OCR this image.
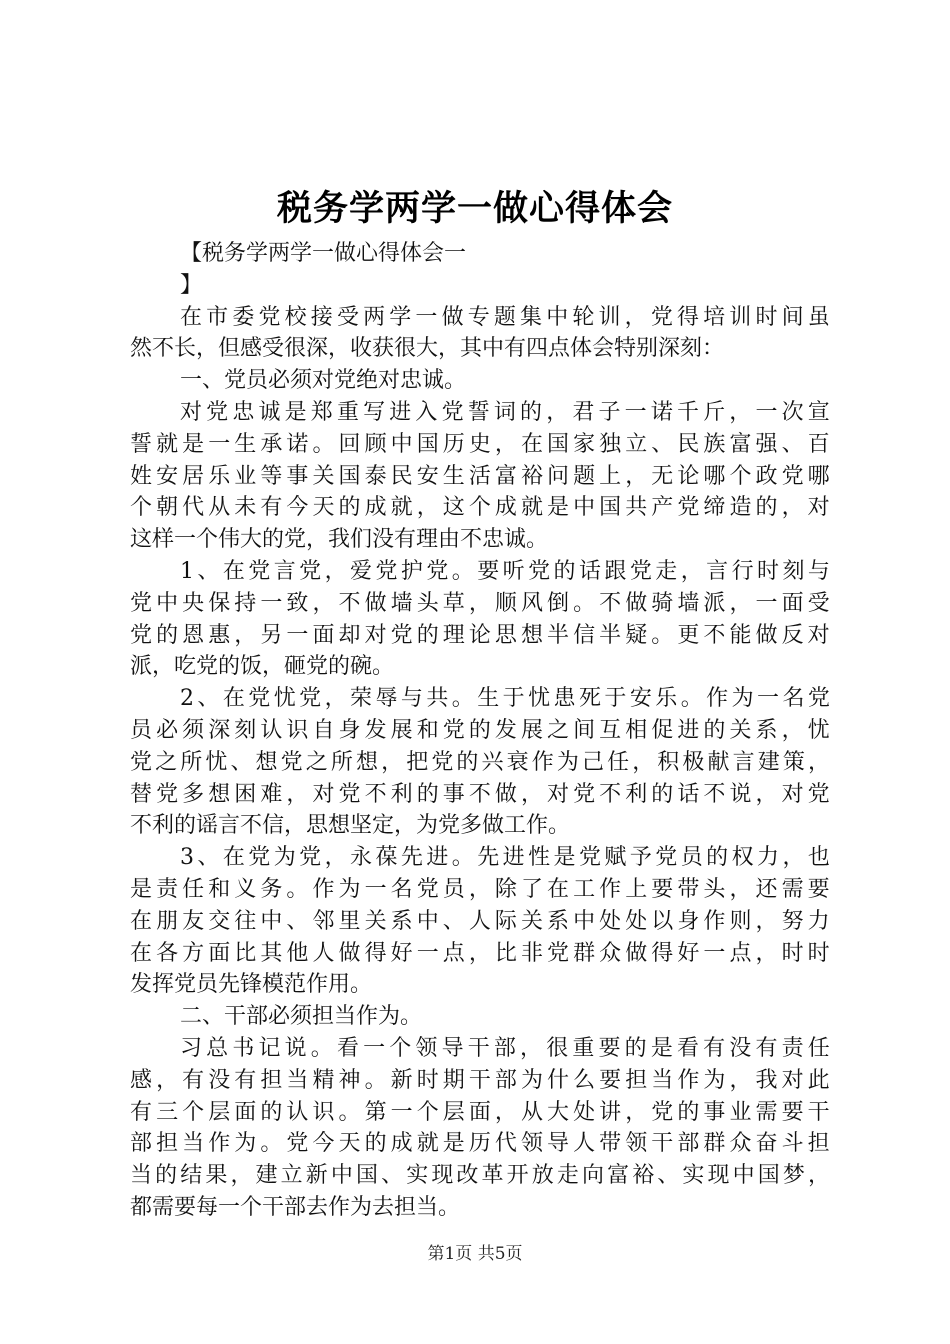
税务学两学一做心得体会
【税务学两学一做心得体会一
】
在 市 委 党 校 接 受 两 学 一 做 专 题 集 中 轮 训 ， 党 得 培 训 时 间 虽
然不长，但感受很深，收获很大，其中有四点体会特别深刻：
一、党员必须对党绝对忠诚。
对 党 忠 诚 是 郑 重 写 进 入 党 誓 词 的 ， 君 子 一 诺 千 斤 ， 一 次 宣
誓 就 是 一 生 承 诺 。 回 顾 中 国 历 史 ， 在 国 家 独 立 、 民 族 富 强 、 百
姓 安 居 乐 业 等 事 关 国 泰 民 安 生 活 富 裕 问 题 上 ， 无 论 哪 个 政 党 哪
个 朝 代 从 未 有 今 天 的 成 就 ， 这 个 成 就 是 中 国 共 产 党 缔 造 的 ， 对
这样一个伟大的党，我们没有理由不忠诚。
1 、 在 党 言 党 ， 爱 党 护 党 。 要 听 党 的 话 跟 党 走 ， 言 行 时 刻 与
党 中 央 保 持 一 致 ， 不 做 墙 头 草 ， 顺 风 倒 。 不 做 骑 墙 派 ， 一 面 受
党 的 恩 惠 ， 另 一 面 却 对 党 的 理 论 思 想 半 信 半 疑 。 更 不 能 做 反 对
派，吃党的饭，砸党的碗。
2 、 在 党 忧 党 ， 荣 辱 与 共 。 生 于 忧 患 死 于 安 乐 。 作 为 一 名 党
员 必 须 深 刻 认 识 自 身 发 展 和 党 的 发 展 之 间 互 相 促 进 的 关 系 ， 忧
党 之 所 忧 、 想 党 之 所 想 ， 把 党 的 兴 衰 作 为 己 任 ， 积 极 献 言 建 策 ，
替 党 多 想 困 难 ， 对 党 不 利 的 事 不 做 ， 对 党 不 利 的 话 不 说 ， 对 党
不利的谣言不信，思想坚定，为党多做工作。
3 、 在 党 为 党 ， 永 葆 先 进 。 先 进 性 是 党 赋 予 党 员 的 权 力 ， 也
是 责 任 和 义 务 。 作 为 一 名 党 员 ， 除 了 在 工 作 上 要 带 头 ， 还 需 要
在 朋 友 交 往 中 、 邻 里 关 系 中 、 人 际 关 系 中 处 处 以 身 作 则 ， 努 力
在 各 方 面 比 其 他 人 做 得 好 一 点 ， 比 非 党 群 众 做 得 好 一 点 ， 时 时
发挥党员先锋模范作用。
二、干部必须担当作为。
习 总 书 记 说 。 看 一 个 领 导 干 部 ， 很 重 要 的 是 看 有 没 有 责 任
感 ， 有 没 有 担 当 精 神 。 新 时 期 干 部 为 什 么 要 担 当 作 为 ， 我 对 此
有 三 个 层 面 的 认 识 。 第 一 个 层 面 ， 从 大 处 讲 ， 党 的 事 业 需 要 干
部 担 当 作 为 。 党 今 天 的 成 就 是 历 代 领 导 人 带 领 干 部 群 众 奋 斗 担
当 的 结 果 ， 建 立 新 中 国 、 实 现 改 革 开 放 走 向 富 裕 、 实 现 中 国 梦 ，
都需要每一个干部去作为去担当。
第1页 共5页
